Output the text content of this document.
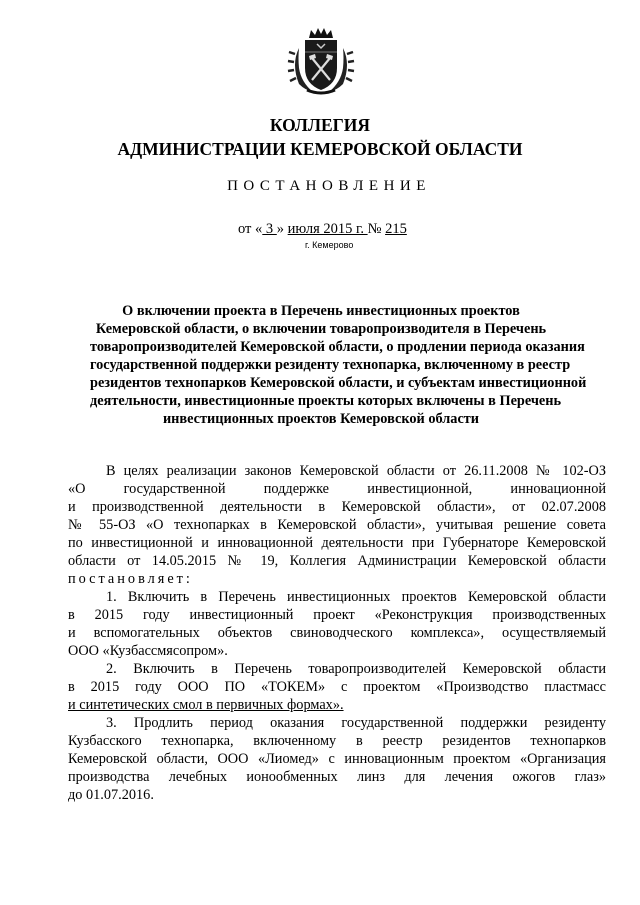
КОЛЛЕГИЯ
АДМИНИСТРАЦИИ КЕМЕРОВСКОЙ ОБЛАСТИ
ПОСТАНОВЛЕНИЕ
от « 3 » июля 2015 г. № 215
г. Кемерово
О включении проекта в Перечень инвестиционных проектов
Кемеровской области, о включении товаропроизводителя в Перечень
товаропроизводителей Кемеровской области, о продлении периода оказания
государственной поддержки резиденту технопарка, включенному в реестр
резидентов технопарков Кемеровской области, и субъектам инвестиционной
деятельности, инвестиционные проекты которых включены в Перечень
инвестиционных проектов Кемеровской области
В целях реализации законов Кемеровской области от 26.11.2008 № 102-ОЗ
«О государственной поддержке инвестиционной, инновационной
и производственной деятельности в Кемеровской области», от 02.07.2008
№ 55-ОЗ «О технопарках в Кемеровской области», учитывая решение совета
по инвестиционной и инновационной деятельности при Губернаторе Кемеровской
области от 14.05.2015 № 19, Коллегия Администрации Кемеровской области
постановляет:
1. Включить в Перечень инвестиционных проектов Кемеровской области
в 2015 году инвестиционный проект «Реконструкция производственных
и вспомогательных объектов свиноводческого комплекса», осуществляемый
ООО «Кузбассмясопром».
2. Включить в Перечень товаропроизводителей Кемеровской области
в 2015 году ООО ПО «ТОКЕМ» с проектом «Производство пластмасс
и синтетических смол в первичных формах».
3. Продлить период оказания государственной поддержки резиденту
Кузбасского технопарка, включенному в реестр резидентов технопарков
Кемеровской области, ООО «Лиомед» с инновационным проектом «Организация
производства лечебных ионообменных линз для лечения ожогов глаз»
до 01.07.2016.
